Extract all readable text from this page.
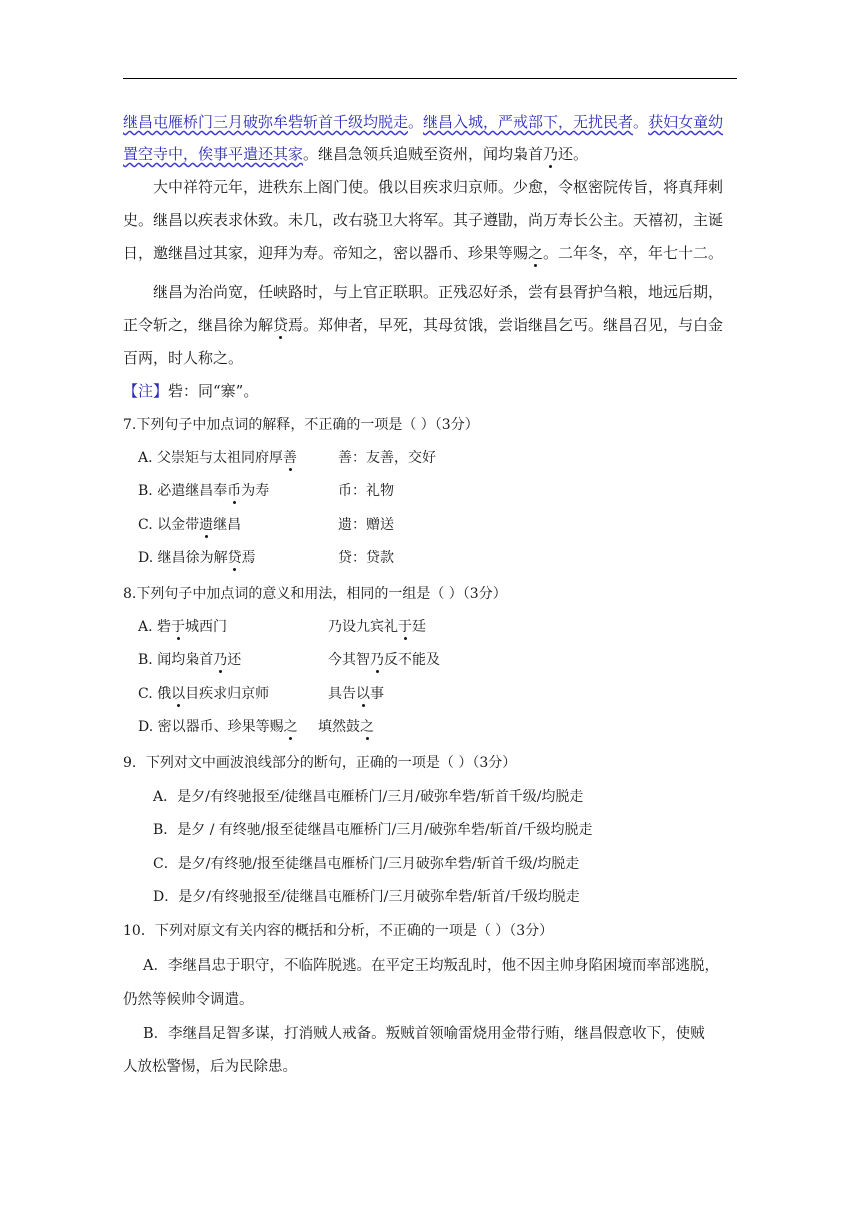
继昌屯雁桥门三月破弥牟砦斩首千级均脱走。继昌入城，严戒部下，无扰民者。获妇女童幼
置空寺中，俟事平遣还其家。继昌急领兵追贼至资州，闻均枭首乃还。
大中祥符元年，进秩东上阁门使。俄以目疾求归京师。少愈，令枢密院传旨，将真拜刺
史。继昌以疾表求休致。未几，改右骁卫大将军。其子遵勖，尚万寿长公主。天禧初，主诞
日，邀继昌过其家，迎拜为寿。帝知之，密以器币、珍果等赐之。二年冬，卒，年七十二。
继昌为治尚宽，任峡路时，与上官正联职。正残忍好杀，尝有县胥护刍粮，地远后期，
正令斩之，继昌徐为解贷焉。郑伸者，早死，其母贫饿，尝诣继昌乞丐。继昌召见，与白金
百两，时人称之。
【注】砦：同“寨”。
7.下列句子中加点词的解释，不正确的一项是（ ）（3分）
A. 父崇矩与太祖同府厚善	善：友善，交好
B. 必遣继昌奉币为寿	币：礼物
C. 以金带遗继昌	遗：赠送
D. 继昌徐为解贷焉	贷：贷款
8.下列句子中加点词的意义和用法，相同的一组是（ ）（3分）
A. 砦于城西门	乃设九宾礼于廷
B. 闻均枭首乃还	今其智乃反不能及
C. 俄以目疾求归京师	具告以事
D. 密以器币、珍果等赐之 填然鼓之
9．下列对文中画波浪线部分的断句，正确的一项是（ ）（3分）
A．是夕/有终驰报至/徒继昌屯雁桥门/三月/破弥牟砦/斩首千级/均脱走
B．是夕 / 有终驰/报至徒继昌屯雁桥门/三月/破弥牟砦/斩首/千级均脱走
C．是夕/有终驰/报至徒继昌屯雁桥门/三月破弥牟砦/斩首千级/均脱走
D．是夕/有终驰报至/徒继昌屯雁桥门/三月破弥牟砦/斩首/千级均脱走
10．下列对原文有关内容的概括和分析，不正确的一项是（ ）（3分）
A．李继昌忠于职守，不临阵脱逃。在平定王均叛乱时，他不因主帅身陷困境而率部逃脱，
仍然等候帅令调遣。
B．李继昌足智多谋，打消贼人戒备。叛贼首领喻雷烧用金带行贿，继昌假意收下，使贼
人放松警惕，后为民除患。
